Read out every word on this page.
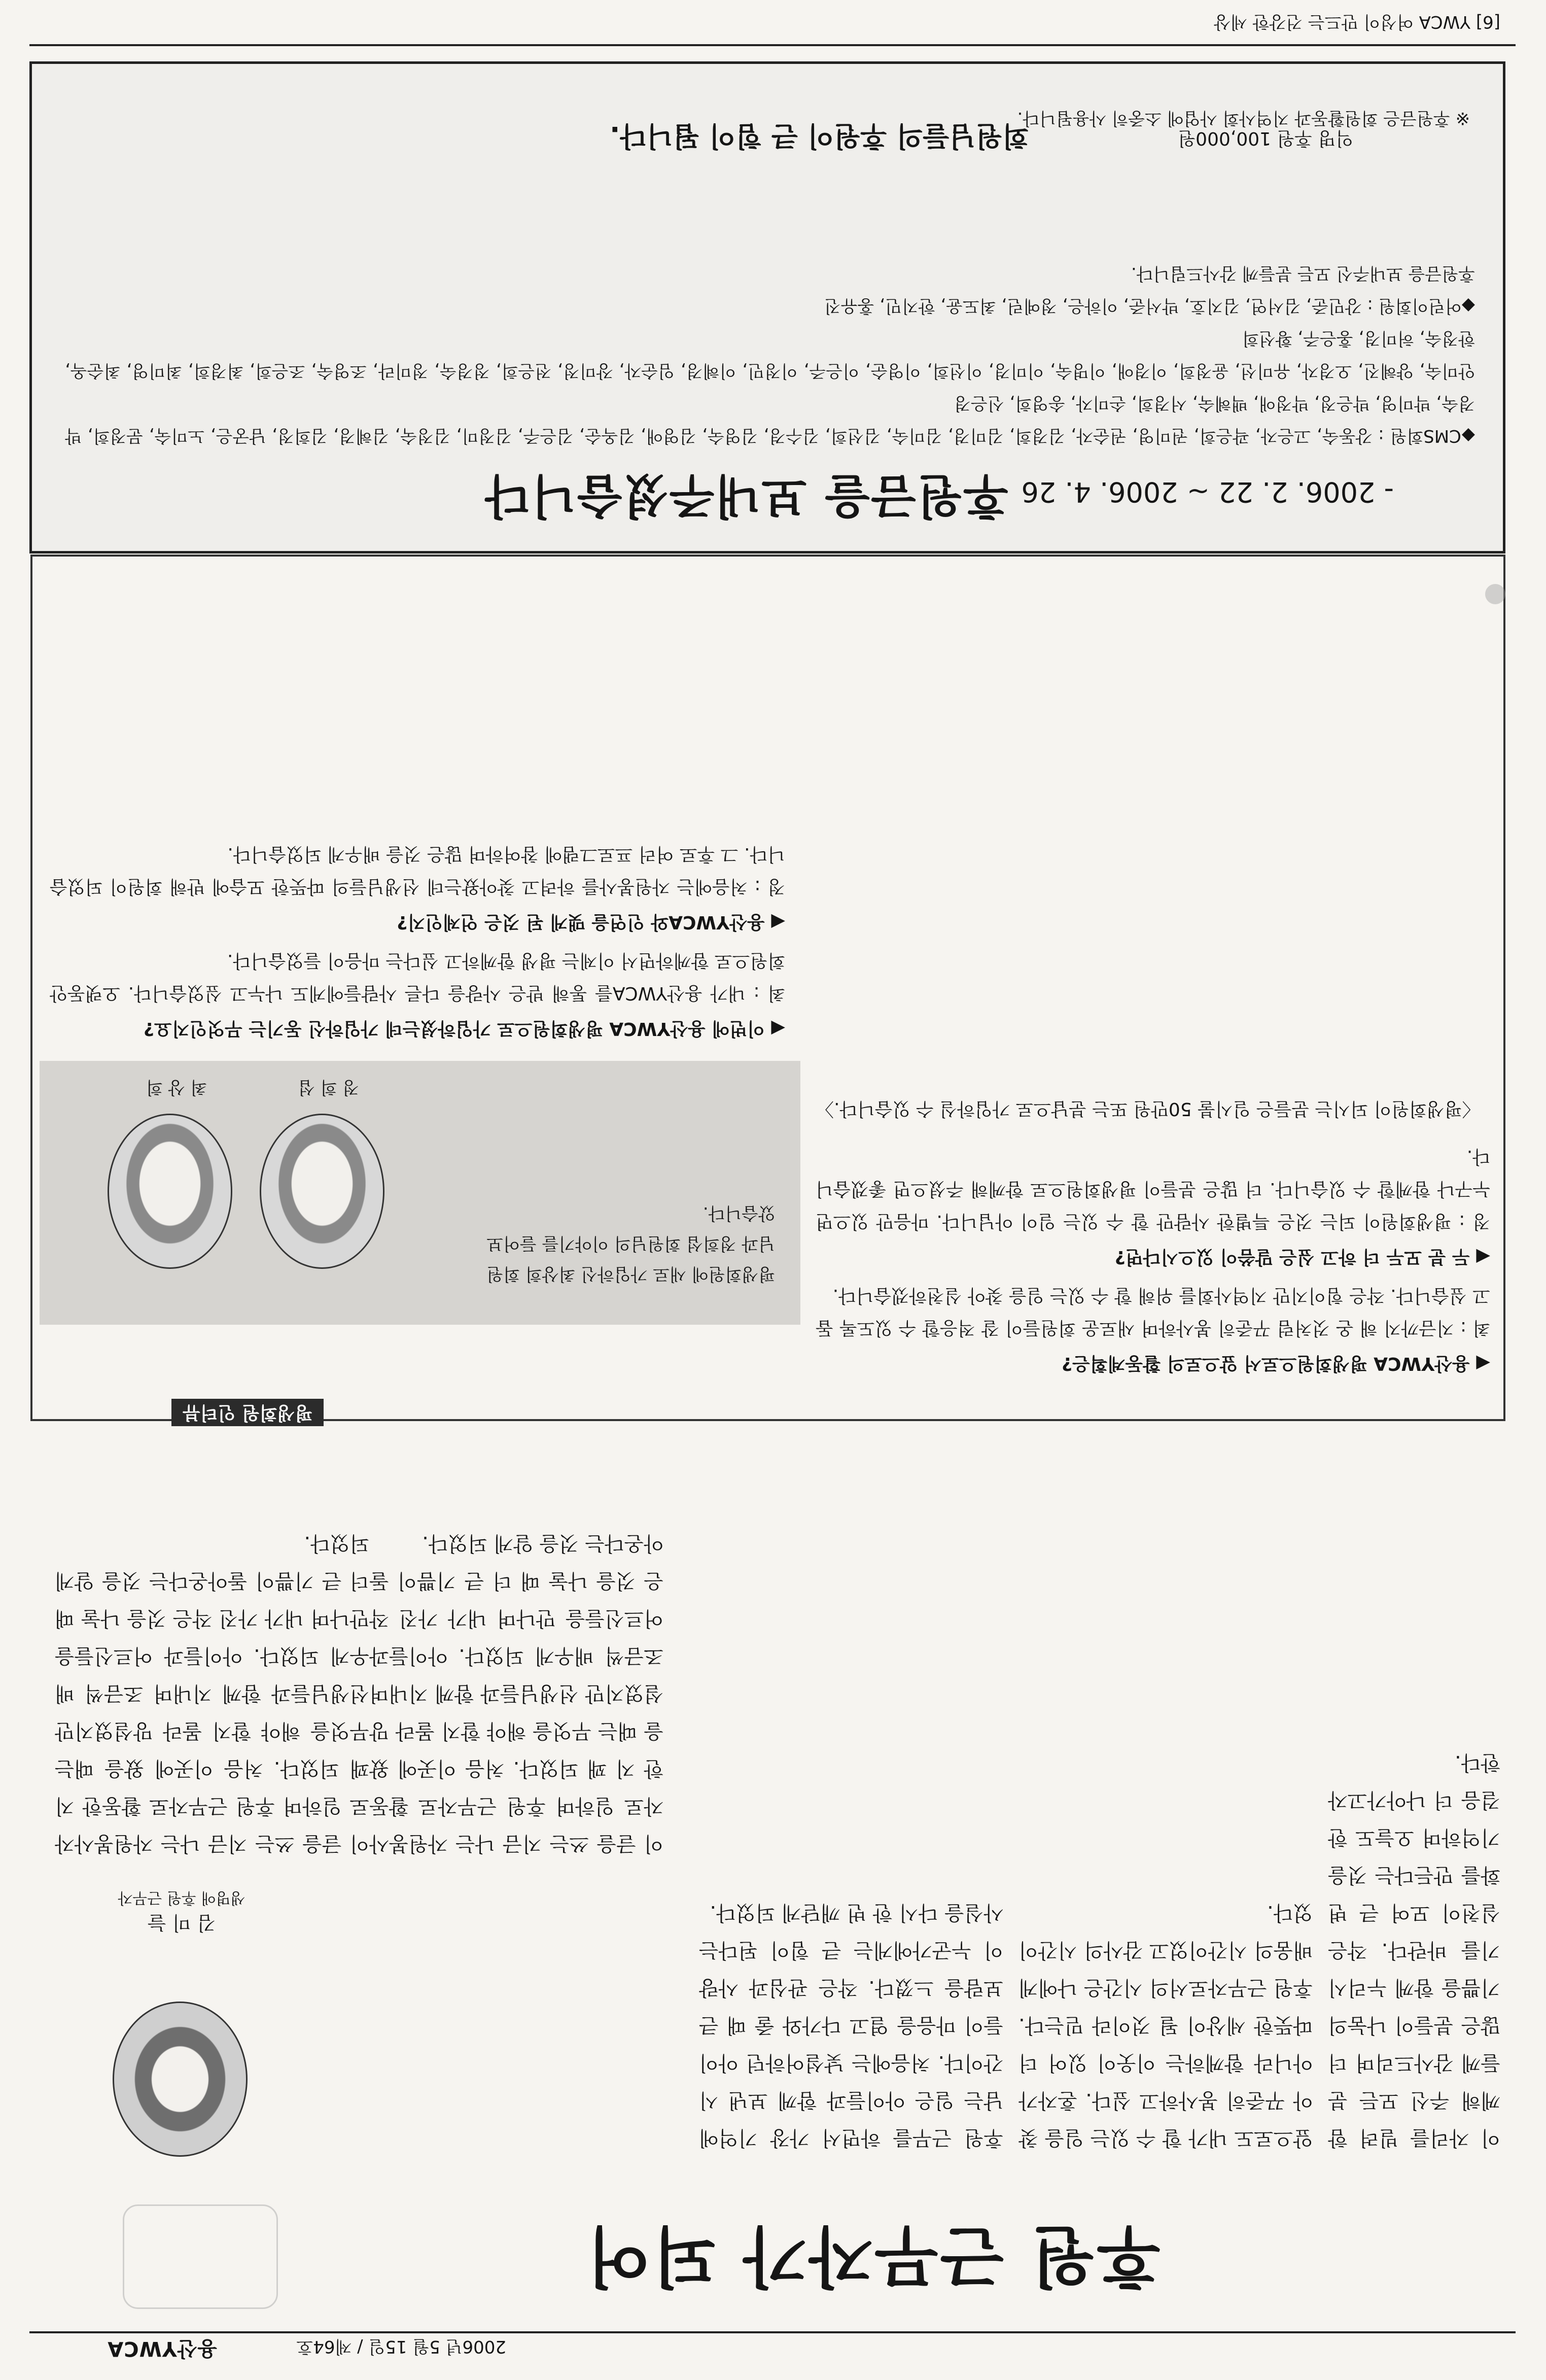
용산YWCA	2006년 5월 15일 / 제64호
후원 근무자가 되어
김 미 늘
생명애 후원 근무자
이 글을 쓰는 지금 나는 자원봉사자로 일하며 후원 근무자로 활동한 지 꽤 되었다. 처음 이곳에 왔을 때는 무엇을 해야 할지 몰라 망설였지만 선생님들과 함께 지내며 조금씩 배우게 되었다. 아이들과 어르신들을 만나며 내가 가진 작은 것을 나눌 때 더 큰 기쁨이 돌아온다는 것을 알게 되었다.
후원 근무를 하면서 가장 기억에 남는 일은 아이들과 함께 보낸 시간이다. 처음에는 낯설어하던 아이들이 마음을 열고 다가와 줄 때 큰 보람을 느꼈다. 작은 관심과 사랑이 누군가에게는 큰 힘이 된다는 사실을 다시 한 번 깨닫게 되었다.
앞으로도 내가 할 수 있는 일을 찾아 꾸준히 봉사하고 싶다. 혼자가 아니라 함께하는 이웃이 있어 더 따뜻한 세상이 될 것이라 믿는다. 후원 근무자로서의 시간은 나에게 배움의 시간이었고 감사의 시간이었다.
이 자리를 빌려 함께해 주신 모든 분들께 감사드리며 더 많은 분들이 나눔의 기쁨을 함께 누리시기를 바란다. 작은 실천이 모여 큰 변화를 만든다는 것을 기억하며 오늘도 한 걸음 더 나아가고자 한다.
이 글을 쓰는 지금 나는 자원봉사자로 일하며 후원 근무자로 활동한 지 꽤 되었다. 처음 이곳에 왔을 때는 무엇을 해야 할지 몰라 망설였지만 선생님들과 함께 지내며 조금씩 배우게 되었다. 아이들과 어르신들을 만나며 내가 가진 작은 것을 나눌 때 더 큰 기쁨이 돌아온다는 것을 알게 되었다.
평생회원 인터뷰
최 상 희	정 희 섭
평생회원에 새로 가입하신 최상희 회원님과 정희섭 회원님의 이야기를 들어보았습니다.
◀ 이번에 용산YWCA 평생회원으로 가입하셨는데 가입하신 동기는 무엇인지요?
최 : 내가 용산YWCA를 통해 받은 사랑을 다른 사람들에게도 나누고 싶었습니다. 오랫동안 회원으로 함께하면서 이제는 평생 함께하고 싶다는 마음이 들었습니다.
◀ 용산YWCA와 인연을 맺게 된 것은 언제인지?
정 : 처음에는 자원봉사를 하려고 찾아왔는데 선생님들의 따뜻한 모습에 반해 회원이 되었습니다. 그 후로 여러 프로그램에 참여하며 많은 것을 배우게 되었습니다.
◀ 용산YWCA 평생회원으로서 앞으로의 활동계획은?
최 : 지금까지 해 온 것처럼 꾸준히 봉사하며 새로운 회원들이 잘 적응할 수 있도록 돕고 싶습니다. 작은 힘이지만 지역사회를 위해 할 수 있는 일을 찾아 실천하겠습니다.
◀ 두 분 모두 더 하고 싶은 말씀이 있으시다면?
정 : 평생회원이 되는 것은 특별한 사람만 할 수 있는 일이 아닙니다. 마음만 있으면 누구나 함께할 수 있습니다. 더 많은 분들이 평생회원으로 함께해 주셨으면 좋겠습니다.
〈평생회원이 되시는 분들은 일시불 50만원 또는 분납으로 가입하실 수 있습니다.〉
후원금을 보내주셨습니다 - 2006. 2. 22 ~ 2006. 4. 26
◆CMS회원 : 강동숙, 고은자, 곽은희, 권미영, 권순자, 김경희, 김미경, 김미숙, 김선희, 김수경, 김영숙, 김영애, 김옥순, 김은주, 김정미, 김정숙, 김혜경, 김희정, 남궁은, 노미숙, 문정희, 박경숙, 박미영, 박은정, 박정애, 백혜숙, 서경희, 손미자, 송영희, 신은경
안미숙, 양혜진, 오경자, 유미선, 윤정희, 이경애, 이명숙, 이미경, 이선희, 이영순, 이은주, 이정민, 이혜경, 임순자, 장미정, 전은희, 정경숙, 정미라, 조영숙, 조은희, 최경희, 최미영, 최순옥, 한정숙, 허미경, 홍은주, 황선희
◆어린이회원 : 강민준, 김서연, 김지호, 박서준, 이하은, 정예린, 최도윤, 한지민, 홍유진
후원금을 보내주신 모든 분들께 감사드립니다.
회원님들의 후원이 큰 힘이 됩니다.	익명 후원 100,000원
※ 후원금은 회원활동과 지역사회 사업에 소중히 사용됩니다.
[6] YWCA 여성이 만드는 건강한 세상
